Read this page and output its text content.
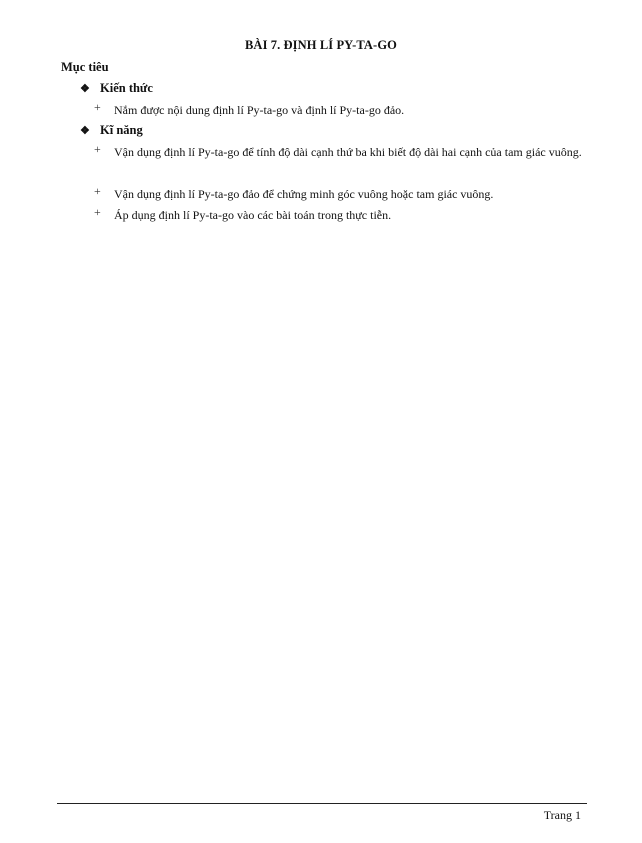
BÀI 7. ĐỊNH LÍ PY-TA-GO
Mục tiêu
❖ Kiến thức
+	Nắm được nội dung định lí Py-ta-go và định lí Py-ta-go đảo.
❖ Kĩ năng
+	Vận dụng định lí Py-ta-go để tính độ dài cạnh thứ ba khi biết độ dài hai cạnh của tam giác vuông.
+	Vận dụng định lí Py-ta-go đảo để chứng minh góc vuông hoặc tam giác vuông.
+	Áp dụng định lí Py-ta-go vào các bài toán trong thực tiễn.
Trang 1
